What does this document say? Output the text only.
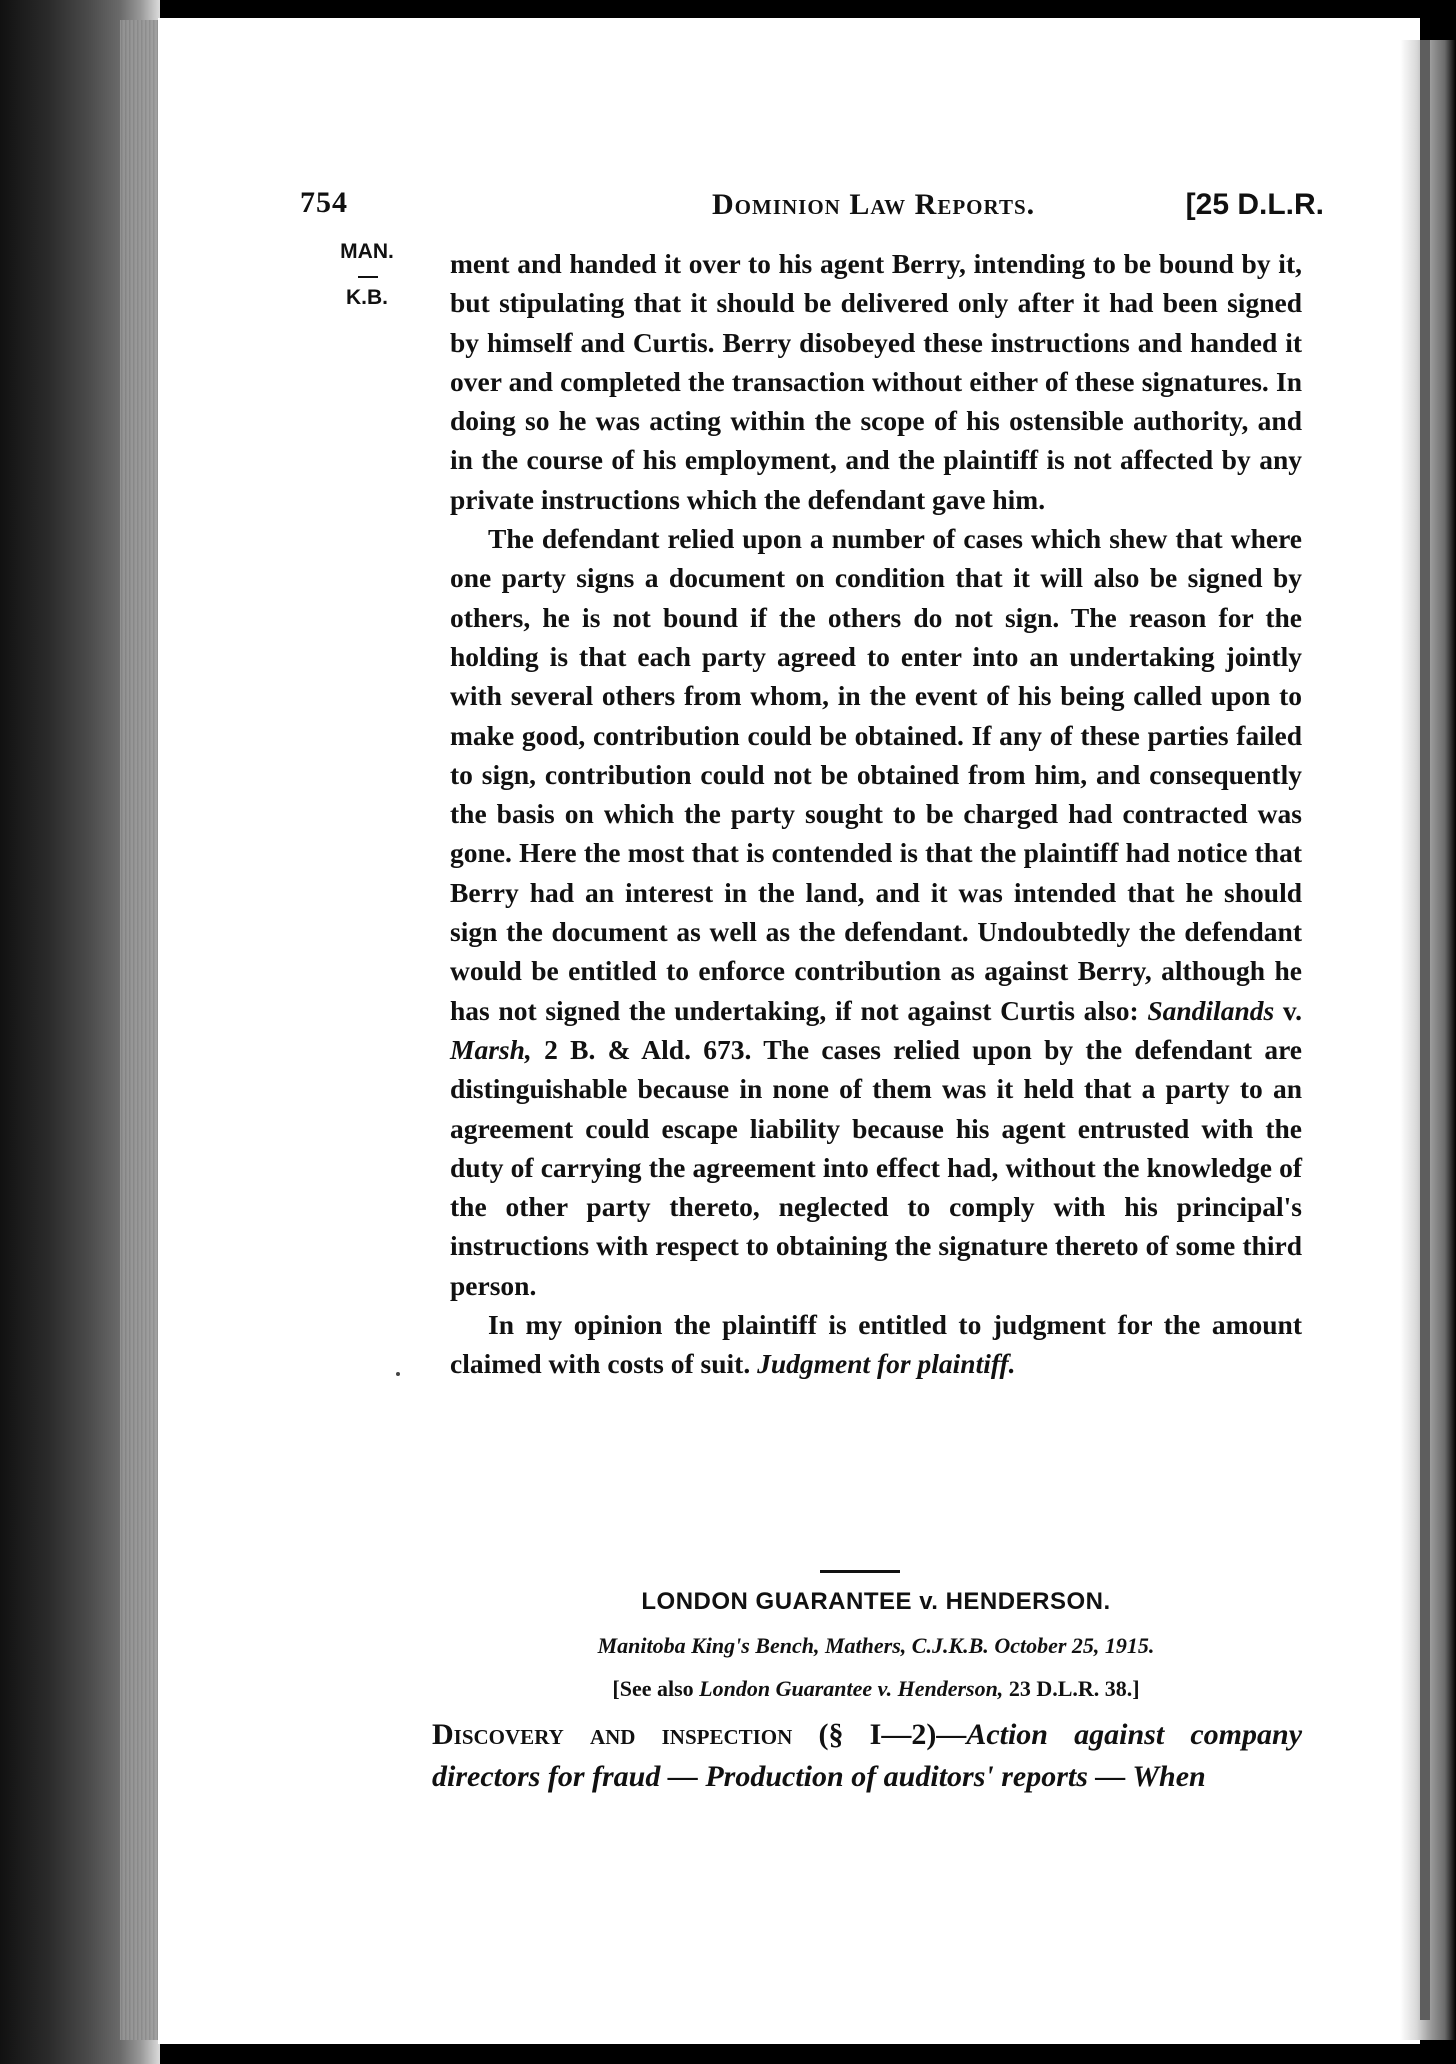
754	Dominion Law Reports.	[25 D.L.R.
MAN.
K.B.

ment and handed it over to his agent Berry, intending to be bound by it, but stipulating that it should be delivered only after it had been signed by himself and Curtis. Berry disobeyed these instructions and handed it over and completed the transaction without either of these signatures. In doing so he was acting within the scope of his ostensible authority, and in the course of his employment, and the plaintiff is not affected by any private instructions which the defendant gave him.

The defendant relied upon a number of cases which shew that where one party signs a document on condition that it will also be signed by others, he is not bound if the others do not sign. The reason for the holding is that each party agreed to enter into an undertaking jointly with several others from whom, in the event of his being called upon to make good, contribution could be obtained. If any of these parties failed to sign, contribution could not be obtained from him, and consequently the basis on which the party sought to be charged had contracted was gone. Here the most that is contended is that the plaintiff had notice that Berry had an interest in the land, and it was intended that he should sign the document as well as the defendant. Undoubtedly the defendant would be entitled to enforce contribution as against Berry, although he has not signed the undertaking, if not against Curtis also: Sandilands v. Marsh, 2 B. & Ald. 673. The cases relied upon by the defendant are distinguishable because in none of them was it held that a party to an agreement could escape liability because his agent entrusted with the duty of carrying the agreement into effect had, without the knowledge of the other party thereto, neglected to comply with his principal's instructions with respect to obtaining the signature thereto of some third person.

In my opinion the plaintiff is entitled to judgment for the amount claimed with costs of suit. Judgment for plaintiff.

LONDON GUARANTEE v. HENDERSON.
Manitoba King's Bench, Mathers, C.J.K.B. October 25, 1915.
[See also London Guarantee v. Henderson, 23 D.L.R. 38.]
Discovery and inspection (§ I—2)—Action against company directors for fraud — Production of auditors' reports — When
